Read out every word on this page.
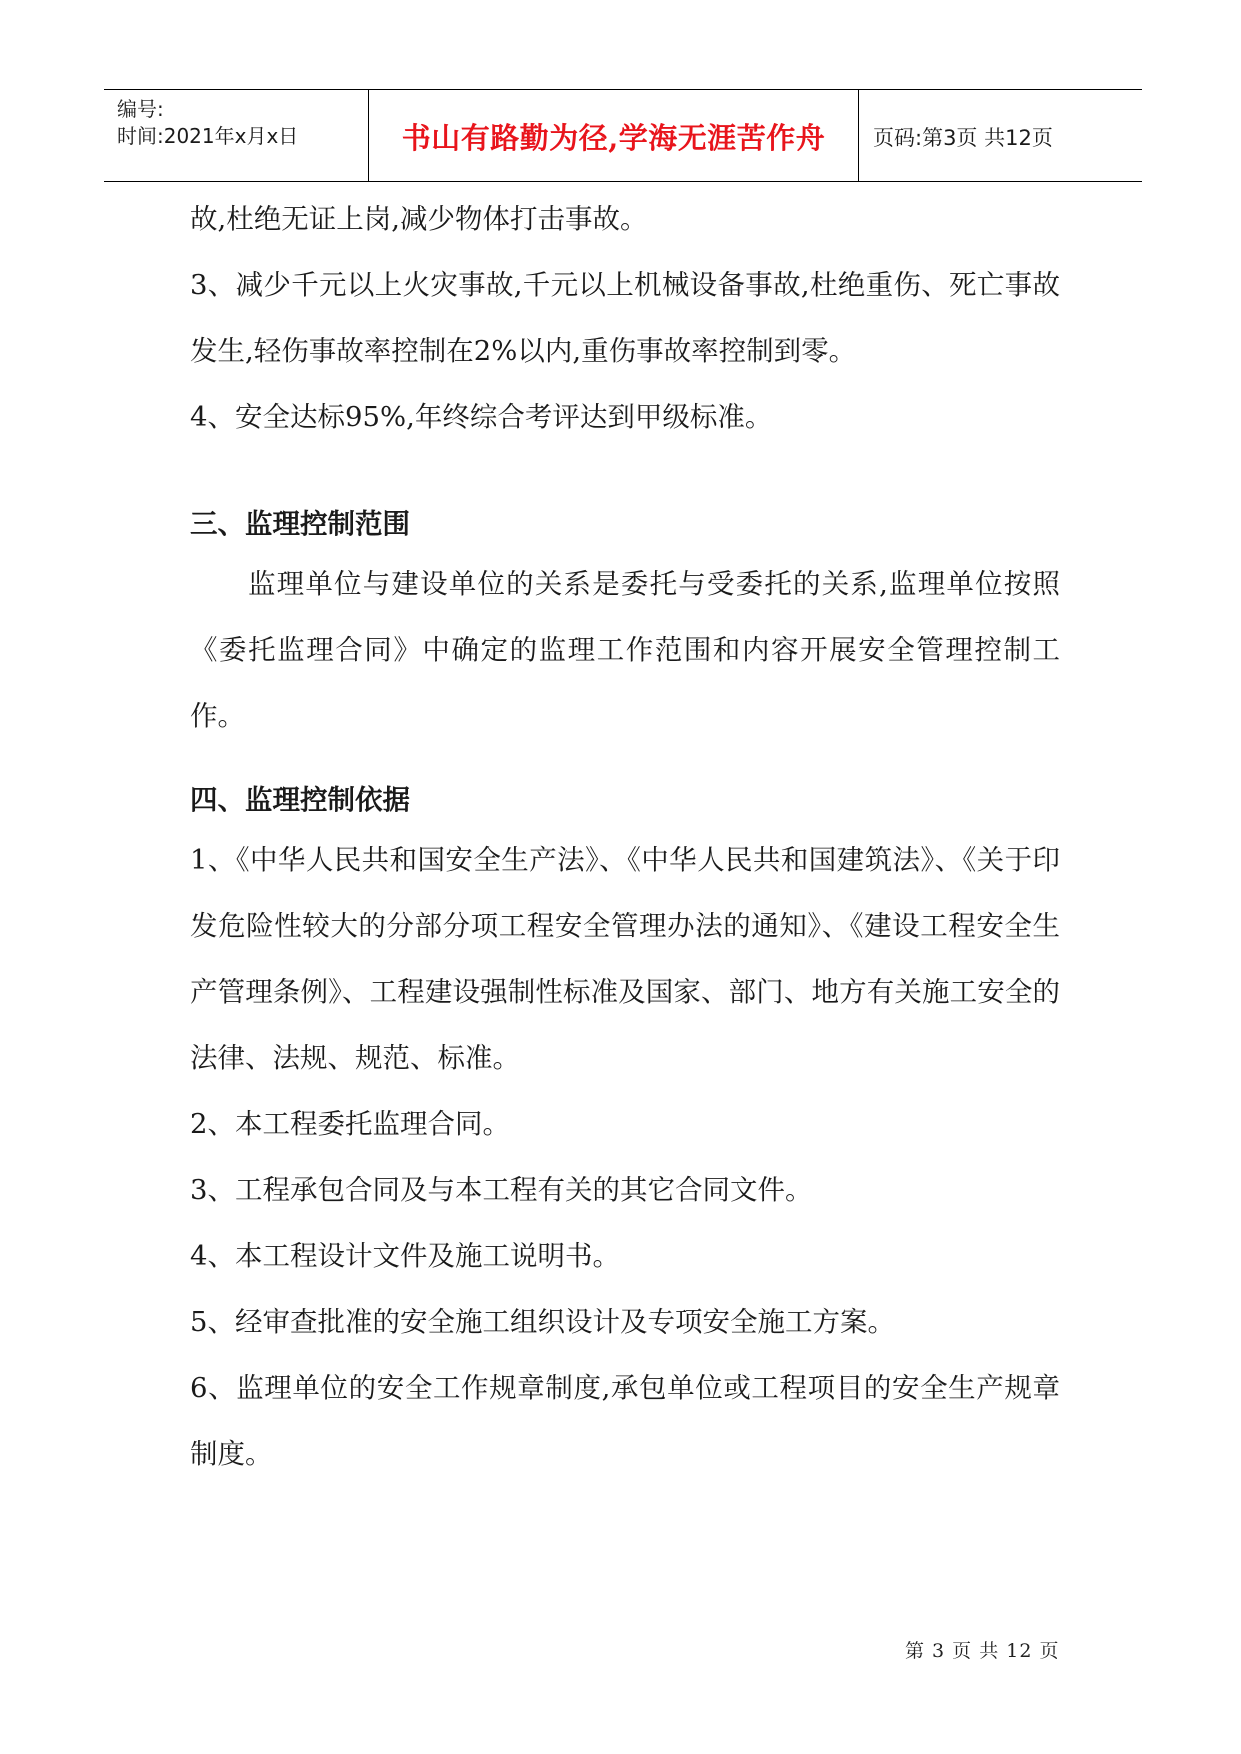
编号:
时间:2021年x月x日	书山有路勤为径,学海无涯苦作舟	页码:第3页 共12页

故,杜绝无证上岗,减少物体打击事故。

3、减少千元以上火灾事故,千元以上机械设备事故,杜绝重伤、死亡事故发生,轻伤事故率控制在2%以内,重伤事故率控制到零。

4、安全达标95%,年终综合考评达到甲级标准。

三、监理控制范围

监理单位与建设单位的关系是委托与受委托的关系,监理单位按照《委托监理合同》中确定的监理工作范围和内容开展安全管理控制工作。

四、监理控制依据

1、《中华人民共和国安全生产法》、《中华人民共和国建筑法》、《关于印发危险性较大的分部分项工程安全管理办法的通知》、《建设工程安全生产管理条例》、工程建设强制性标准及国家、部门、地方有关施工安全的法律、法规、规范、标准。

2、本工程委托监理合同。

3、工程承包合同及与本工程有关的其它合同文件。

4、本工程设计文件及施工说明书。

5、经审查批准的安全施工组织设计及专项安全施工方案。

6、监理单位的安全工作规章制度,承包单位或工程项目的安全生产规章制度。

第 3 页 共 12 页
